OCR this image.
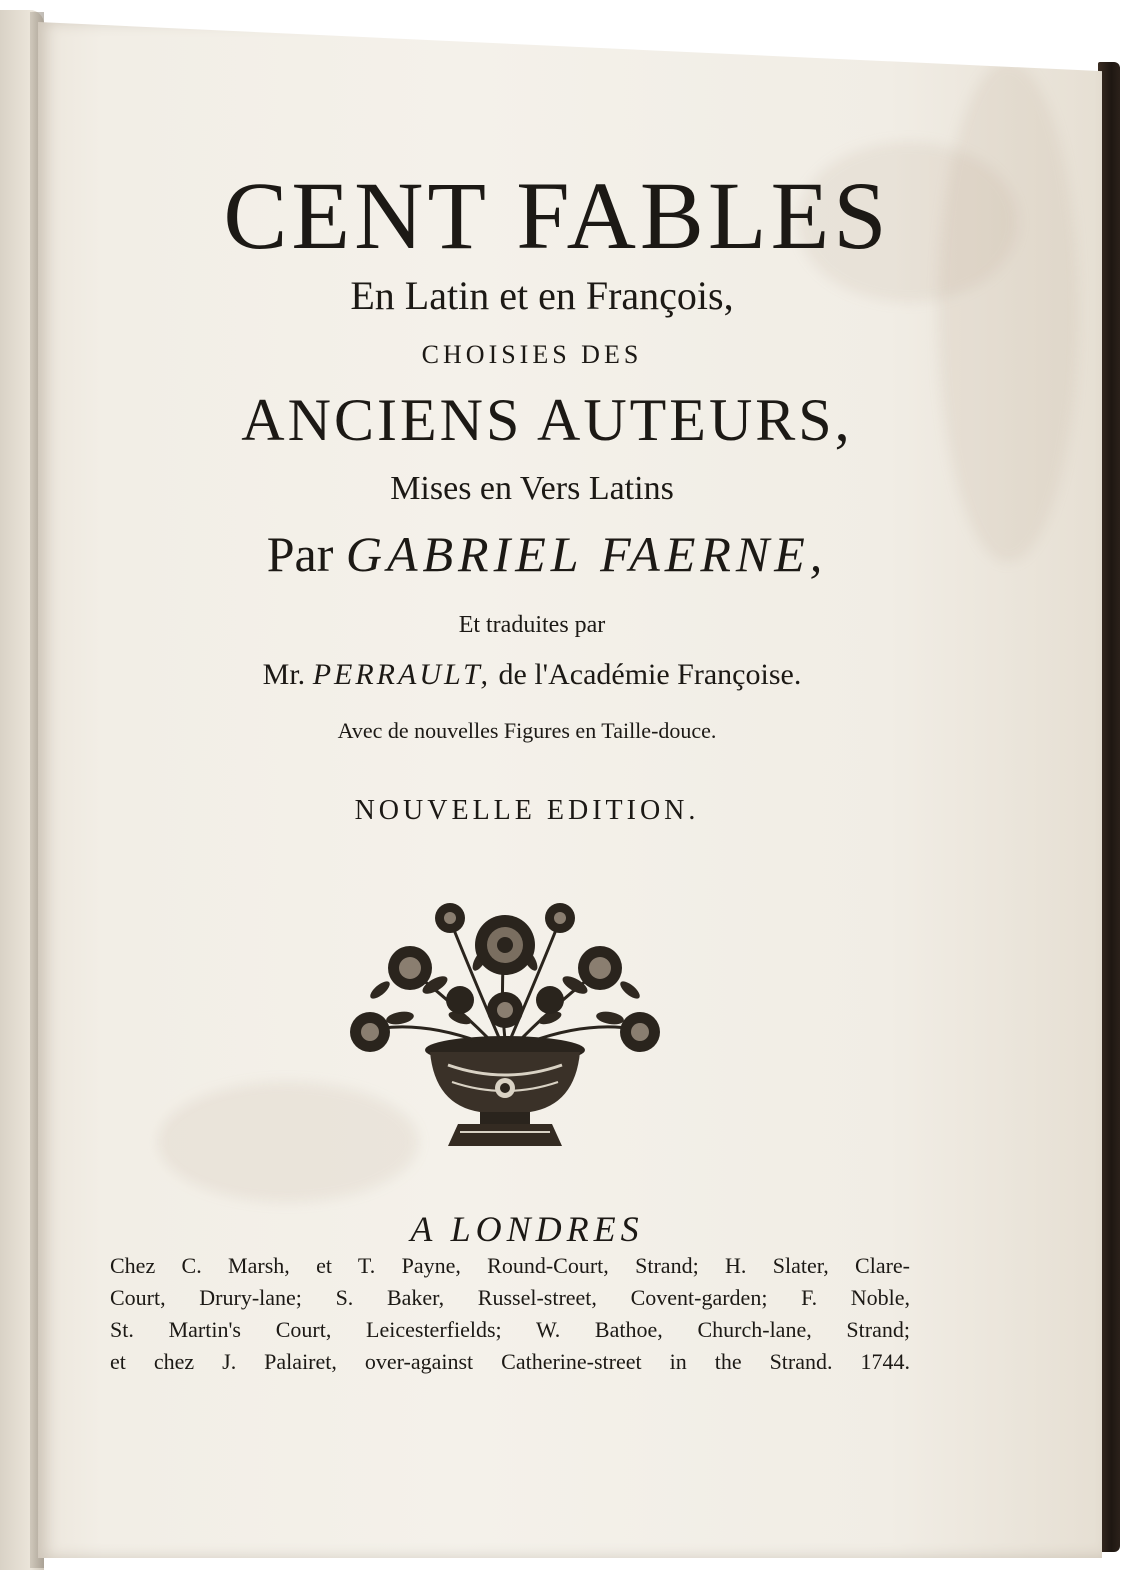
CENT FABLES
En Latin et en François,
CHOISIES DES
ANCIENS AUTEURS,
Mises en Vers Latins
Par GABRIEL FAERNE,
Et traduites par
Mr. PERRAULT, de l'Académie Françoise.
Avec de nouvelles Figures en Taille-douce.
NOUVELLE EDITION.
A LONDRES
Chez C. Marsh, et T. Payne, Round-Court, Strand; H. Slater, Clare-
Court, Drury-lane; S. Baker, Russel-street, Covent-garden; F. Noble,
St. Martin's Court, Leicesterfields; W. Bathoe, Church-lane, Strand;
et chez J. Palairet, over-against Catherine-street in the Strand. 1744.
